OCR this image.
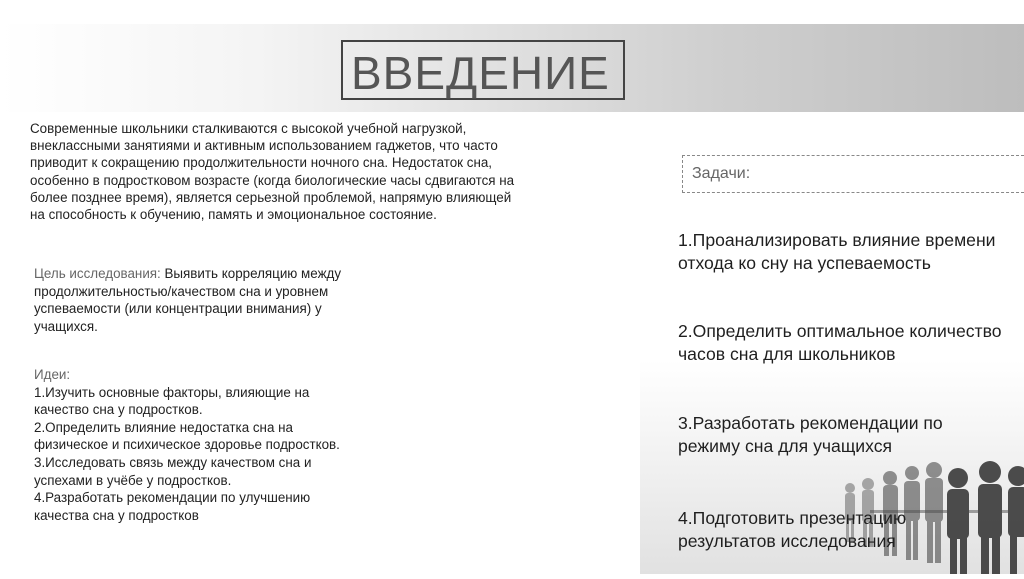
ВВЕДЕНИЕ
Современные школьники сталкиваются с высокой учебной нагрузкой, внеклассными занятиями и активным использованием гаджетов, что часто приводит к сокращению продолжительности ночного сна. Недостаток сна, особенно в подростковом возрасте (когда биологические часы сдвигаются на более позднее время), является серьезной проблемой, напрямую влияющей на способность к обучению, память и эмоциональное состояние.
Цель исследования: Выявить корреляцию между продолжительностью/качеством сна и уровнем успеваемости (или концентрации внимания) у учащихся.
Идеи:
1.Изучить основные факторы, влияющие на качество сна у подростков.
2.Определить влияние недостатка сна на физическое и психическое здоровье подростков.
3.Исследовать связь между качеством сна и успехами в учёбе у подростков.
4.Разработать рекомендации по улучшению качества сна у подростков
Задачи:
1.Проанализировать влияние времени отхода ко сну на успеваемость
2.Определить оптимальное количество часов сна для школьников
3.Разработать рекомендации по режиму сна для учащихся
4.Подготовить презентацию результатов исследования
